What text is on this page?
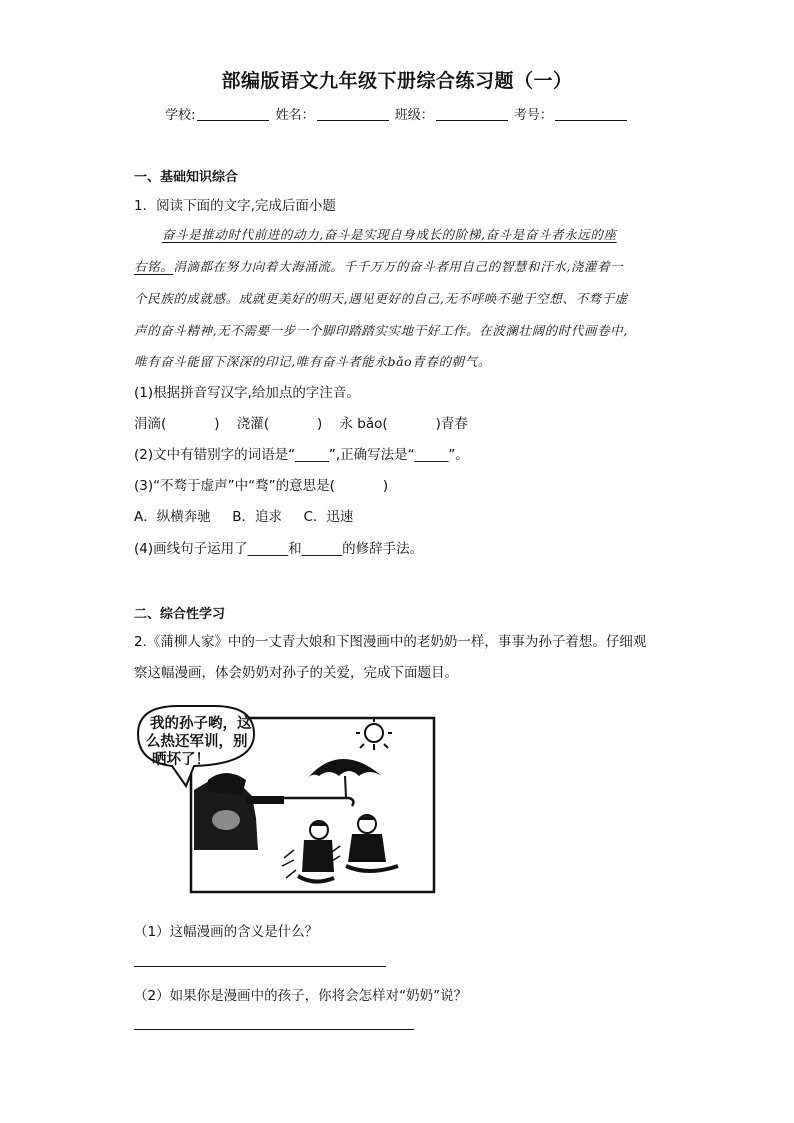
部编版语文九年级下册综合练习题（一）
学校:	姓名：	班级：	考号：
一、基础知识综合
1．阅读下面的文字,完成后面小题
奋斗是推动时代前进的动力,奋斗是实现自身成长的阶梯,奋斗是奋斗者永远的座
右铭。涓滴都在努力向着大海涌流。千千万万的奋斗者用自己的智慧和汗水,浇灌着一
个民族的成就感。成就更美好的明天,遇见更好的自己,无不呼唤不驰于空想、不骛于虚
声的奋斗精神,无不需要一步一个脚印踏踏实实地干好工作。在波澜壮阔的时代画卷中,
唯有奋斗能留下深深的印记,唯有奋斗者能永bǎo青春的朝气。
(1)根据拼音写汉字,给加点的字注音。
涓滴(	) 浇灌(	) 永 bǎo(	)青春
(2)文中有错别字的词语是“_____”,正确写法是“_____”。
(3)“不骛于虚声”中“骛”的意思是(	)
A．纵横奔驰 B．追求 C．迅速
(4)画线句子运用了______和______的修辞手法。
二、综合性学习
2.《蒲柳人家》中的一丈青大娘和下图漫画中的老奶奶一样，事事为孙子着想。仔细观
察这幅漫画，体会奶奶对孙子的关爱，完成下面题目。
我的孙子哟，这
么热还军训，别
晒坏了！
（1）这幅漫画的含义是什么？
（2）如果你是漫画中的孩子，你将会怎样对“奶奶”说？
